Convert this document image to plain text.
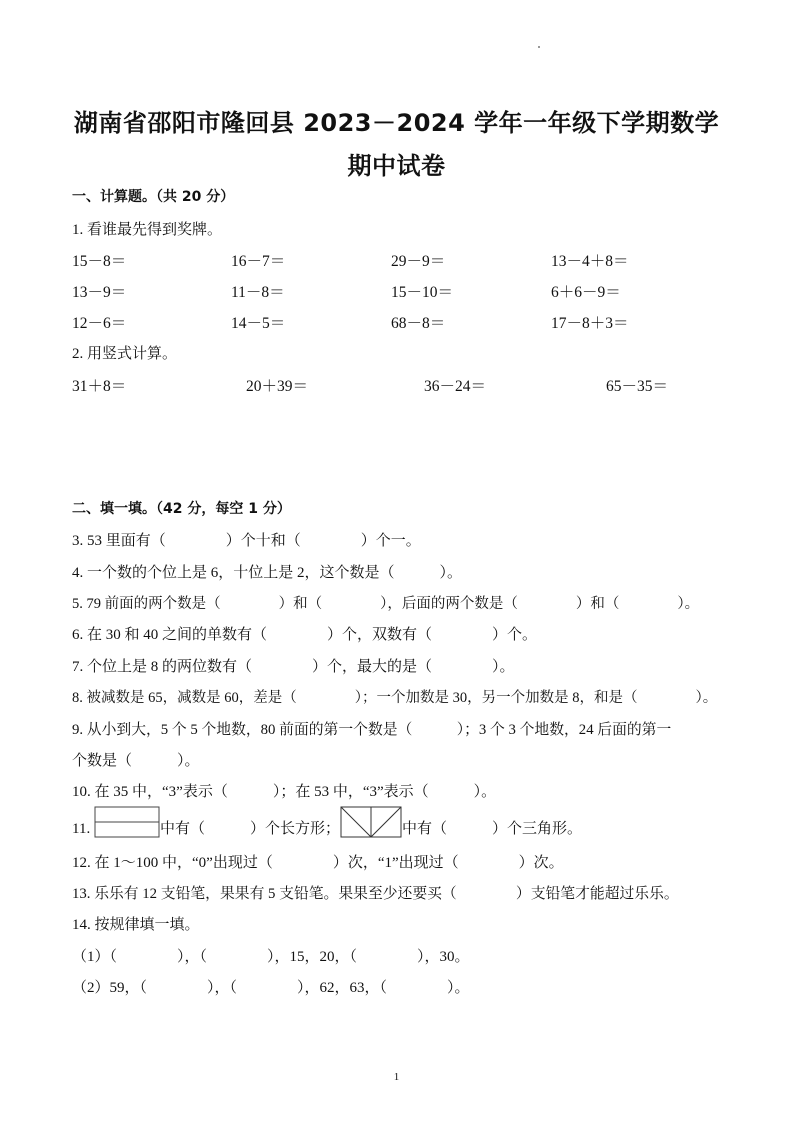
湖南省邵阳市隆回县 2023－2024 学年一年级下学期数学
期中试卷
一、计算题。（共 20 分）
1. 看谁最先得到奖牌。
15－8＝	16－7＝	29－9＝	13－4＋8＝
13－9＝	11－8＝	15－10＝	6＋6－9＝
12－6＝	14－5＝	68－8＝	17－8＋3＝
2. 用竖式计算。
31＋8＝	20＋39＝	36－24＝	65－35＝
二、填一填。（42 分，每空 1 分）
3. 53 里面有（　　　　）个十和（　　　　）个一。
4. 一个数的个位上是 6，十位上是 2，这个数是（　　　）。
5. 79 前面的两个数是（　　　　）和（　　　　），后面的两个数是（　　　　）和（　　　　）。
6. 在 30 和 40 之间的单数有（　　　　）个，双数有（　　　　）个。
7. 个位上是 8 的两位数有（　　　　）个，最大的是（　　　　）。
8. 被减数是 65，减数是 60，差是（　　　　）；一个加数是 30，另一个加数是 8，和是（　　　　）。
9. 从小到大，5 个 5 个地数，80 前面的第一个数是（　　　）；3 个 3 个地数，24 后面的第一
个数是（　　　）。
10. 在 35 中，“3”表示（　　　）；在 53 中，“3”表示（　　　）。
11.	中有（　　　）个长方形；	中有（　　　）个三角形。
12. 在 1～100 中，“0”出现过（　　　　）次，“1”出现过（　　　　）次。
13. 乐乐有 12 支铅笔，果果有 5 支铅笔。果果至少还要买（　　　　）支铅笔才能超过乐乐。
14. 按规律填一填。
（1）（　　　　），（　　　　），15，20，（　　　　），30。
（2）59，（　　　　），（　　　　），62，63，（　　　　）。
1
